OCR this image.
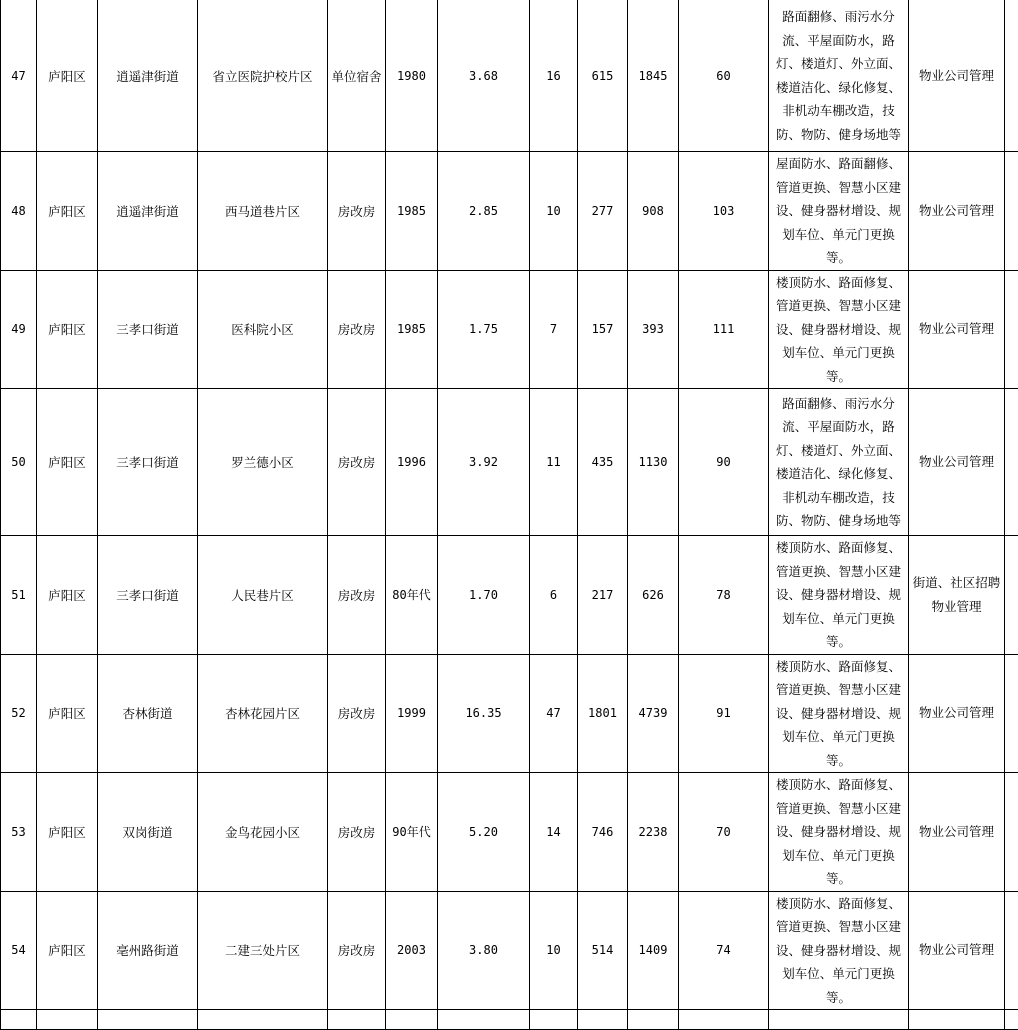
47	庐阳区	逍遥津街道	省立医院护校片区	单位宿舍	1980	3.68	16	615	1845	60	路面翻修、雨污水分流、平屋面防水，路灯、楼道灯、外立面、楼道洁化、绿化修复、非机动车棚改造，技防、物防、健身场地等	物业公司管理	
48	庐阳区	逍遥津街道	西马道巷片区	房改房	1985	2.85	10	277	908	103	屋面防水、路面翻修、管道更换、智慧小区建设、健身器材增设、规划车位、单元门更换等。	物业公司管理	
49	庐阳区	三孝口街道	医科院小区	房改房	1985	1.75	7	157	393	111	楼顶防水、路面修复、管道更换、智慧小区建设、健身器材增设、规划车位、单元门更换等。	物业公司管理	
50	庐阳区	三孝口街道	罗兰德小区	房改房	1996	3.92	11	435	1130	90	路面翻修、雨污水分流、平屋面防水，路灯、楼道灯、外立面、楼道洁化、绿化修复、非机动车棚改造，技防、物防、健身场地等	物业公司管理	
51	庐阳区	三孝口街道	人民巷片区	房改房	80年代	1.70	6	217	626	78	楼顶防水、路面修复、管道更换、智慧小区建设、健身器材增设、规划车位、单元门更换等。	街道、社区招聘物业管理	
52	庐阳区	杏林街道	杏林花园片区	房改房	1999	16.35	47	1801	4739	91	楼顶防水、路面修复、管道更换、智慧小区建设、健身器材增设、规划车位、单元门更换等。	物业公司管理	
53	庐阳区	双岗街道	金鸟花园小区	房改房	90年代	5.20	14	746	2238	70	楼顶防水、路面修复、管道更换、智慧小区建设、健身器材增设、规划车位、单元门更换等。	物业公司管理	
54	庐阳区	亳州路街道	二建三处片区	房改房	2003	3.80	10	514	1409	74	楼顶防水、路面修复、管道更换、智慧小区建设、健身器材增设、规划车位、单元门更换等。	物业公司管理	
